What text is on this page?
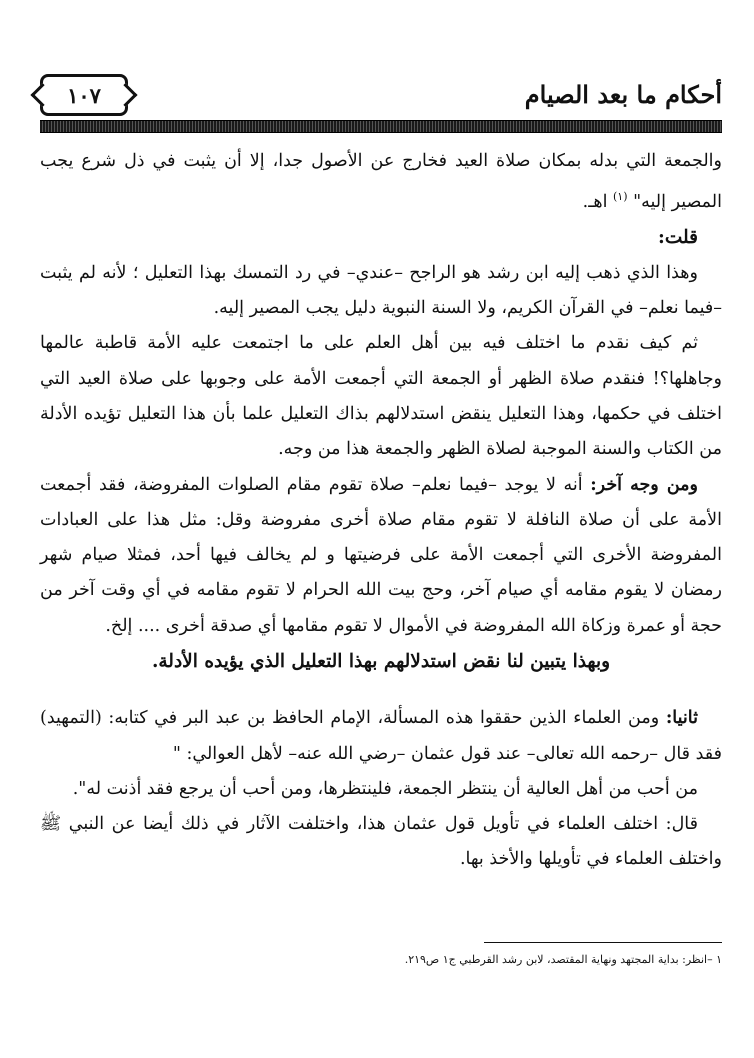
أحكام ما بعد الصيام
١٠٧

والجمعة التي بدله بمكان صلاة العيد فخارج عن الأصول جدا، إلا أن يثبت في ذل شرع يجب المصير إليه" $^{(١)}$ اهـ.

قلت:

وهذا الذي ذهب إليه ابن رشد هو الراجح –عندي– في رد التمسك بهذا التعليل ؛ لأنه لم يثبت –فيما نعلم– في القرآن الكريم، ولا السنة النبوية دليل يجب المصير إليه.

ثم كيف نقدم ما اختلف فيه بين أهل العلم على ما اجتمعت عليه الأمة قاطبة عالمها وجاهلها؟! فنقدم صلاة الظهر أو الجمعة التي أجمعت الأمة على وجوبها على صلاة العيد التي اختلف في حكمها، وهذا التعليل ينقض استدلالهم بذاك التعليل علما بأن هذا التعليل تؤيده الأدلة من الكتاب والسنة الموجبة لصلاة الظهر والجمعة هذا من وجه.

ومن وجه آخر: أنه لا يوجد –فيما نعلم– صلاة تقوم مقام الصلوات المفروضة، فقد أجمعت الأمة على أن صلاة النافلة لا تقوم مقام صلاة أخرى مفروضة وقل: مثل هذا على العبادات المفروضة الأخرى التي أجمعت الأمة على فرضيتها و لم يخالف فيها أحد، فمثلا صيام شهر رمضان لا يقوم مقامه أي صيام آخر، وحج بيت الله الحرام لا تقوم مقامه في أي وقت آخر من حجة أو عمرة وزكاة الله المفروضة في الأموال لا تقوم مقامها أي صدقة أخرى .... إلخ.

وبهذا يتبين لنا نقض استدلالهم بهذا التعليل الذي يؤيده الأدلة.

ثانيا: ومن العلماء الذين حققوا هذه المسألة، الإمام الحافظ بن عبد البر في كتابه: (التمهيد) فقد قال –رحمه الله تعالى– عند قول عثمان –رضي الله عنه– لأهل العوالي: "

من أحب من أهل العالية أن ينتظر الجمعة، فلينتظرها، ومن أحب أن يرجع فقد أذنت له".

قال: اختلف العلماء في تأويل قول عثمان هذا، واختلفت الآثار في ذلك أيضا عن النبي ﷺ واختلف العلماء في تأويلها والأخذ بها.

١ –انظر: بداية المجتهد ونهاية المقتصد، لابن رشد القرطبي ج١ ص٢١٩.
